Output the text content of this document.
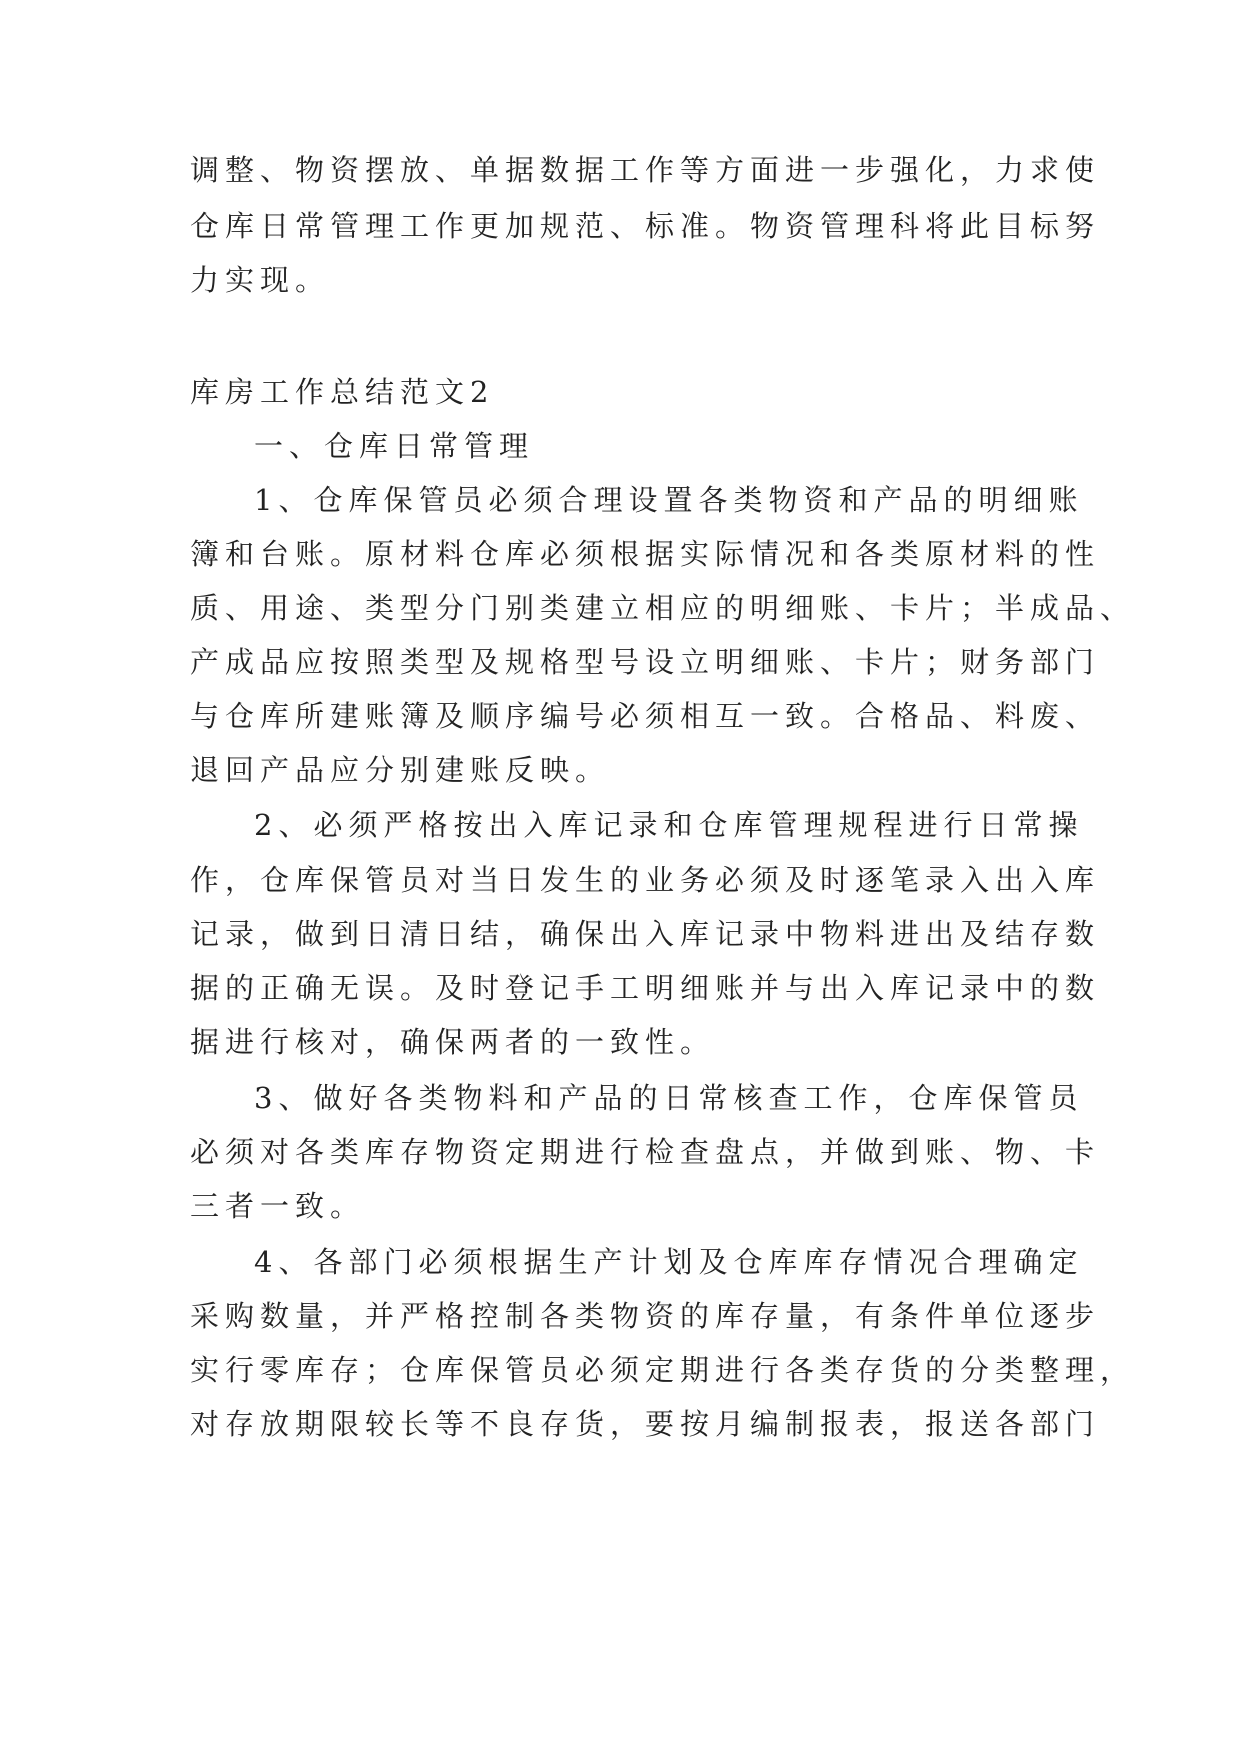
调整、物资摆放、单据数据工作等方面进一步强化，力求使
仓库日常管理工作更加规范、标准。物资管理科将此目标努
力实现。
库房工作总结范文2
一、仓库日常管理
1、仓库保管员必须合理设置各类物资和产品的明细账
簿和台账。原材料仓库必须根据实际情况和各类原材料的性
质、用途、类型分门别类建立相应的明细账、卡片；半成品、
产成品应按照类型及规格型号设立明细账、卡片；财务部门
与仓库所建账簿及顺序编号必须相互一致。合格品、料废、
退回产品应分别建账反映。
2、必须严格按出入库记录和仓库管理规程进行日常操
作，仓库保管员对当日发生的业务必须及时逐笔录入出入库
记录，做到日清日结，确保出入库记录中物料进出及结存数
据的正确无误。及时登记手工明细账并与出入库记录中的数
据进行核对，确保两者的一致性。
3、做好各类物料和产品的日常核查工作，仓库保管员
必须对各类库存物资定期进行检查盘点，并做到账、物、卡
三者一致。
4、各部门必须根据生产计划及仓库库存情况合理确定
采购数量，并严格控制各类物资的库存量，有条件单位逐步
实行零库存；仓库保管员必须定期进行各类存货的分类整理，
对存放期限较长等不良存货，要按月编制报表，报送各部门
